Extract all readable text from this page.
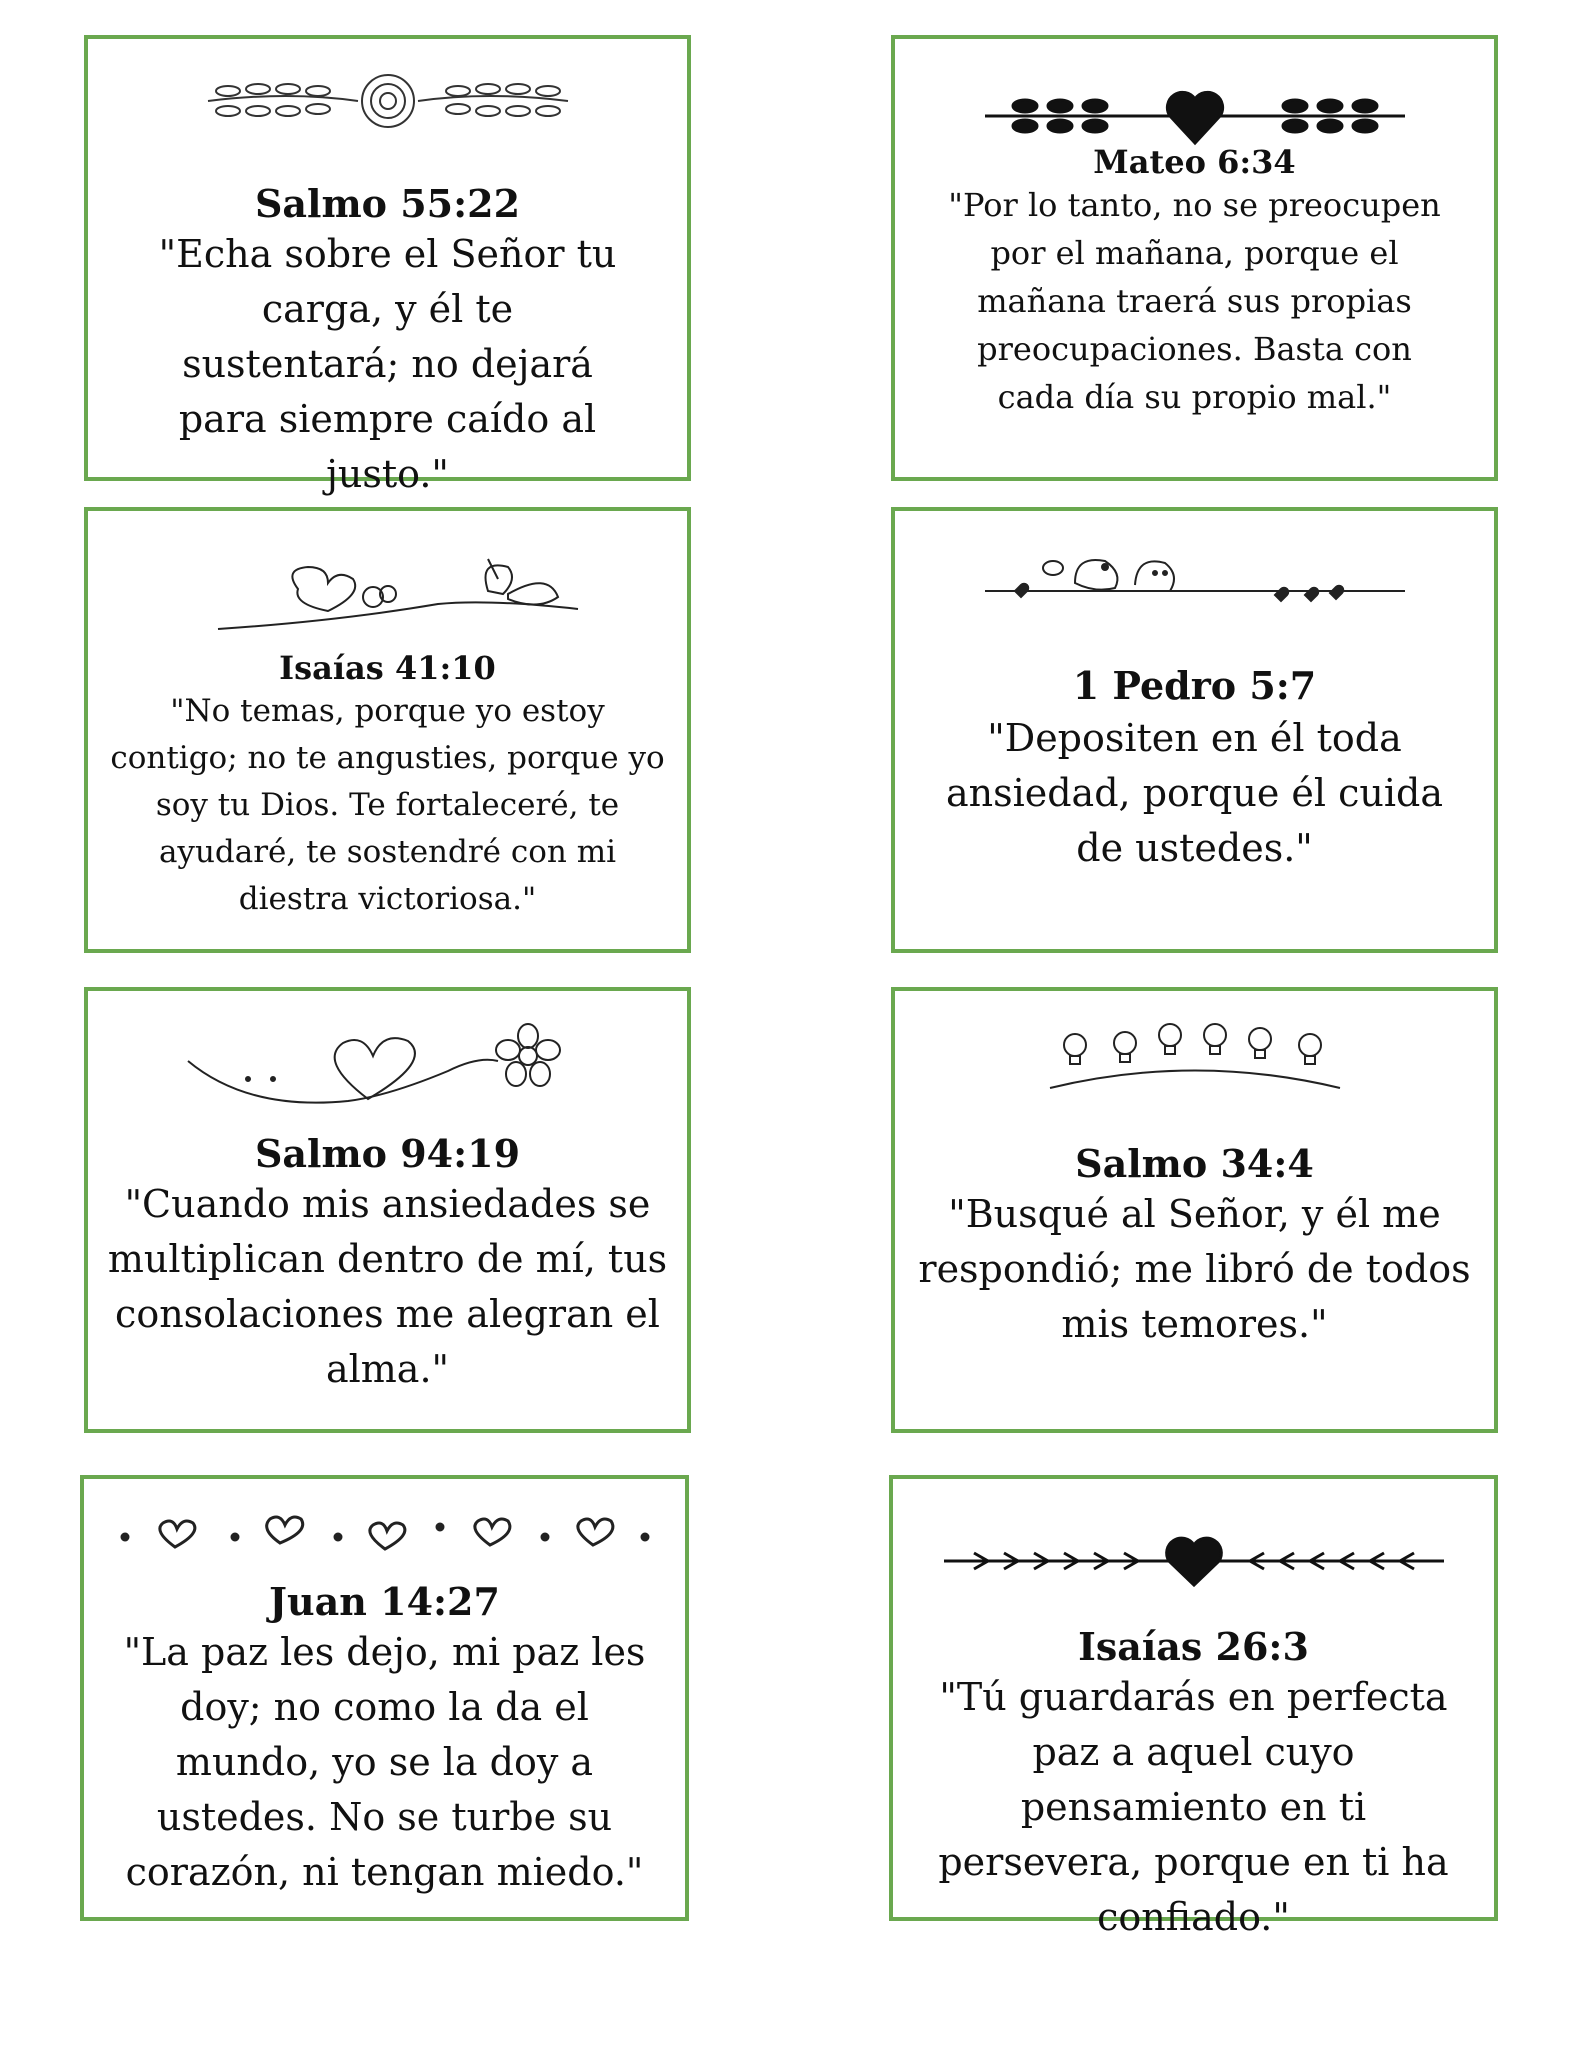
Salmo 55:22
"Echa sobre el Señor tu carga, y él te sustentará; no dejará para siempre caído al justo."
Mateo 6:34
"Por lo tanto, no se preocupen por el mañana, porque el mañana traerá sus propias preocupaciones. Basta con cada día su propio mal."
Isaías 41:10
"No temas, porque yo estoy contigo; no te angusties, porque yo soy tu Dios. Te fortaleceré, te ayudaré, te sostendré con mi diestra victoriosa."
1 Pedro 5:7
"Depositen en él toda ansiedad, porque él cuida de ustedes."
Salmo 94:19
"Cuando mis ansiedades se multiplican dentro de mí, tus consolaciones me alegran el alma."
Salmo 34:4
"Busqué al Señor, y él me respondió; me libró de todos mis temores."
Juan 14:27
"La paz les dejo, mi paz les doy; no como la da el mundo, yo se la doy a ustedes. No se turbe su corazón, ni tengan miedo."
Isaías 26:3
"Tú guardarás en perfecta paz a aquel cuyo pensamiento en ti persevera, porque en ti ha confiado."
